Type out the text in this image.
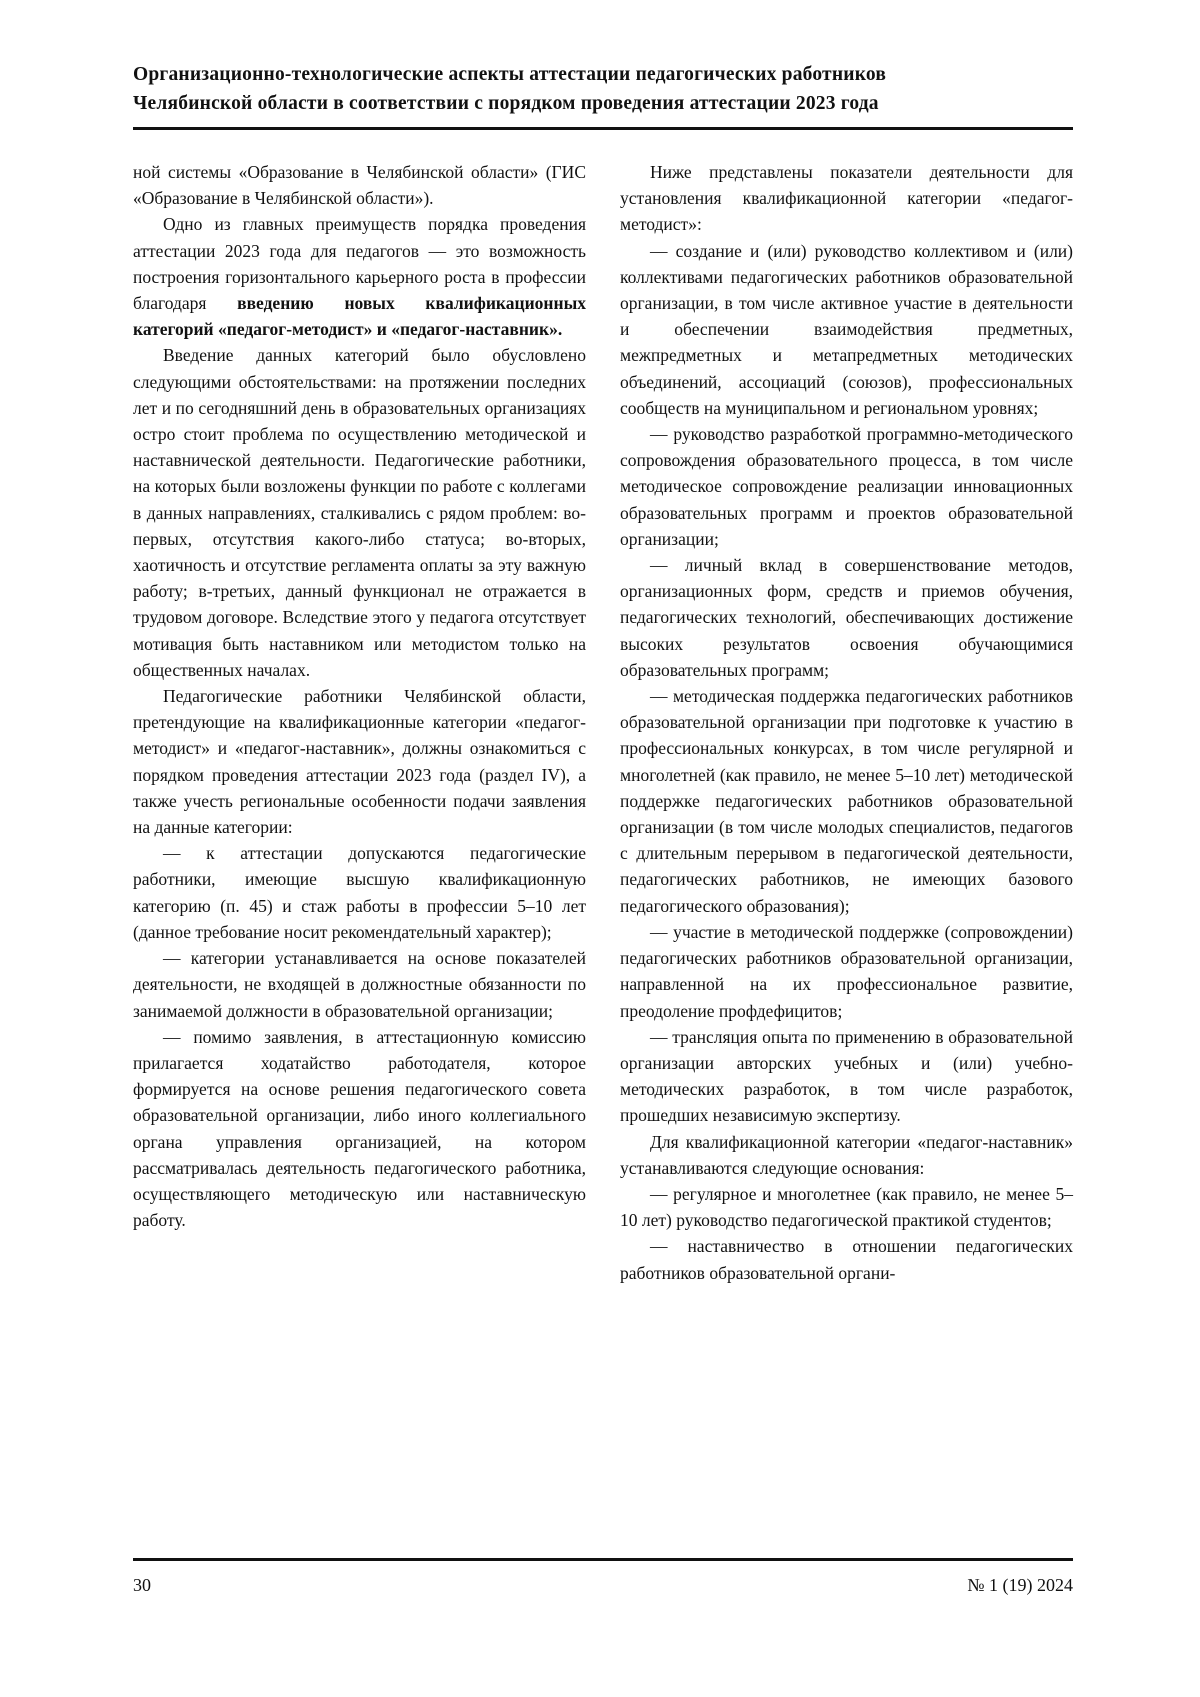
Организационно-технологические аспекты аттестации педагогических работников
Челябинской области в соответствии с порядком проведения аттестации 2023 года

ной системы «Образование в Челябинской области» (ГИС «Образование в Челябинской области»).

Одно из главных преимуществ порядка проведения аттестации 2023 года для педагогов — это возможность построения горизонтального карьерного роста в профессии благодаря введению новых квалификационных категорий «педагог-методист» и «педагог-наставник».

Введение данных категорий было обусловлено следующими обстоятельствами: на протяжении последних лет и по сегодняшний день в образовательных организациях остро стоит проблема по осуществлению методической и наставнической деятельности. Педагогические работники, на которых были возложены функции по работе с коллегами в данных направлениях, сталкивались с рядом проблем: во-первых, отсутствия какого-либо статуса; во-вторых, хаотичность и отсутствие регламента оплаты за эту важную работу; в-третьих, данный функционал не отражается в трудовом договоре. Вследствие этого у педагога отсутствует мотивация быть наставником или методистом только на общественных началах.

Педагогические работники Челябинской области, претендующие на квалификационные категории «педагог-методист» и «педагог-наставник», должны ознакомиться с порядком проведения аттестации 2023 года (раздел IV), а также учесть региональные особенности подачи заявления на данные категории:

— к аттестации допускаются педагогические работники, имеющие высшую квалификационную категорию (п. 45) и стаж работы в профессии 5–10 лет (данное требование носит рекомендательный характер);

— категории устанавливается на основе показателей деятельности, не входящей в должностные обязанности по занимаемой должности в образовательной организации;

— помимо заявления, в аттестационную комиссию прилагается ходатайство работодателя, которое формируется на основе решения педагогического совета образовательной организации, либо иного коллегиального органа управления организацией, на котором рассматривалась деятельность педагогического работника, осуществляющего методическую или наставническую работу.

Ниже представлены показатели деятельности для установления квалификационной категории «педагог-методист»:

— создание и (или) руководство коллективом и (или) коллективами педагогических работников образовательной организации, в том числе активное участие в деятельности и обеспечении взаимодействия предметных, межпредметных и метапредметных методических объединений, ассоциаций (союзов), профессиональных сообществ на муниципальном и региональном уровнях;

— руководство разработкой программно-методического сопровождения образовательного процесса, в том числе методическое сопровождение реализации инновационных образовательных программ и проектов образовательной организации;

— личный вклад в совершенствование методов, организационных форм, средств и приемов обучения, педагогических технологий, обеспечивающих достижение высоких результатов освоения обучающимися образовательных программ;

— методическая поддержка педагогических работников образовательной организации при подготовке к участию в профессиональных конкурсах, в том числе регулярной и многолетней (как правило, не менее 5–10 лет) методической поддержке педагогических работников образовательной организации (в том числе молодых специалистов, педагогов с длительным перерывом в педагогической деятельности, педагогических работников, не имеющих базового педагогического образования);

— участие в методической поддержке (сопровождении) педагогических работников образовательной организации, направленной на их профессиональное развитие, преодоление профдефицитов;

— трансляция опыта по применению в образовательной организации авторских учебных и (или) учебно-методических разработок, в том числе разработок, прошедших независимую экспертизу.

Для квалификационной категории «педагог-наставник» устанавливаются следующие основания:

— регулярное и многолетнее (как правило, не менее 5–10 лет) руководство педагогической практикой студентов;

— наставничество в отношении педагогических работников образовательной органи-

30	№ 1 (19) 2024
